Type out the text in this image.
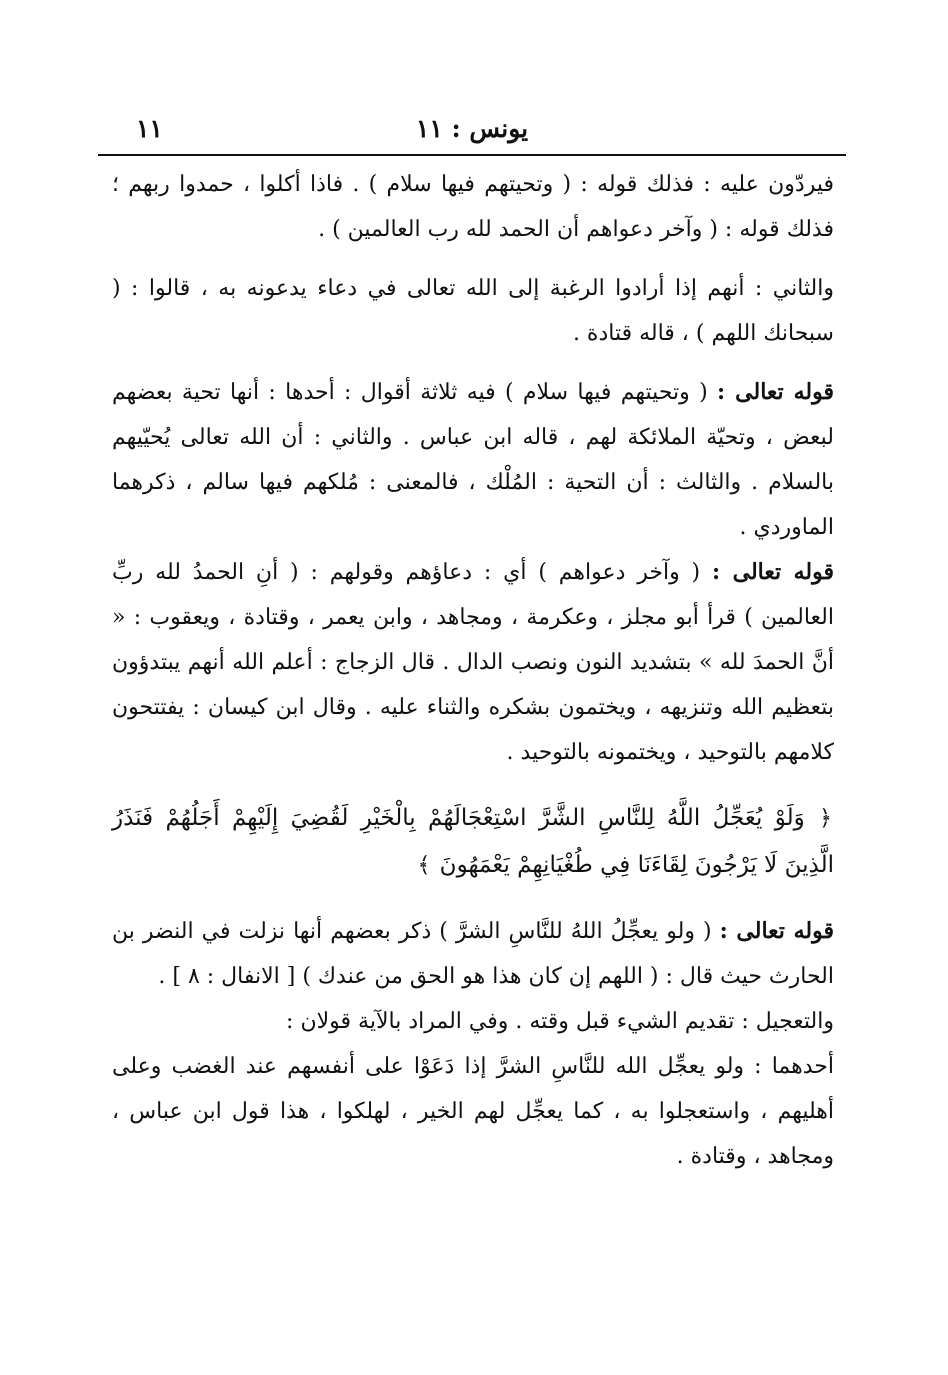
يونس : ١١
١١

فيردّون عليه : فذلك قوله : ( وتحيتهم فيها سلام ) . فاذا أكلوا ، حمدوا ربهم ؛ فذلك قوله : ( وآخر دعواهم أن الحمد لله رب العالمين ) .

والثاني : أنهم إذا أرادوا الرغبة إلى الله تعالى في دعاء يدعونه به ، قالوا : ( سبحانك اللهم ) ، قاله قتادة .

قوله تعالى : ( وتحيتهم فيها سلام ) فيه ثلاثة أقوال : أحدها : أنها تحية بعضهم لبعض ، وتحيّة الملائكة لهم ، قاله ابن عباس . والثاني : أن الله تعالى يُحيّيهم بالسلام . والثالث : أن التحية : المُلْك ، فالمعنى : مُلكهم فيها سالم ، ذكرهما الماوردي .

قوله تعالى : ( وآخر دعواهم ) أي : دعاؤهم وقولهم : ( أنِ الحمدُ لله ربِّ العالمين ) قرأ أبو مجلز ، وعكرمة ، ومجاهد ، وابن يعمر ، وقتادة ، ويعقوب : « أنَّ الحمدَ لله » بتشديد النون ونصب الدال . قال الزجاج : أعلم الله أنهم يبتدؤون بتعظيم الله وتنزيهه ، ويختمون بشكره والثناء عليه . وقال ابن كيسان : يفتتحون كلامهم بالتوحيد ، ويختمونه بالتوحيد .

﴿ وَلَوْ يُعَجِّلُ اللَّهُ لِلنَّاسِ الشَّرَّ اسْتِعْجَالَهُمْ بِالْخَيْرِ لَقُضِيَ إِلَيْهِمْ أَجَلُهُمْ فَنَذَرُ الَّذِينَ لَا يَرْجُونَ لِقَاءَنَا فِي طُغْيَانِهِمْ يَعْمَهُونَ ﴾

قوله تعالى : ( ولو يعجِّلُ اللهُ للنَّاسِ الشرَّ ) ذكر بعضهم أنها نزلت في النضر بن الحارث حيث قال : ( اللهم إن كان هذا هو الحق من عندك ) [ الانفال : ٨ ] .

والتعجيل : تقديم الشيء قبل وقته . وفي المراد بالآية قولان :

أحدهما : ولو يعجِّل الله للنَّاسِ الشرَّ إذا دَعَوْا على أنفسهم عند الغضب وعلى أهليهم ، واستعجلوا به ، كما يعجِّل لهم الخير ، لهلكوا ، هذا قول ابن عباس ، ومجاهد ، وقتادة .
